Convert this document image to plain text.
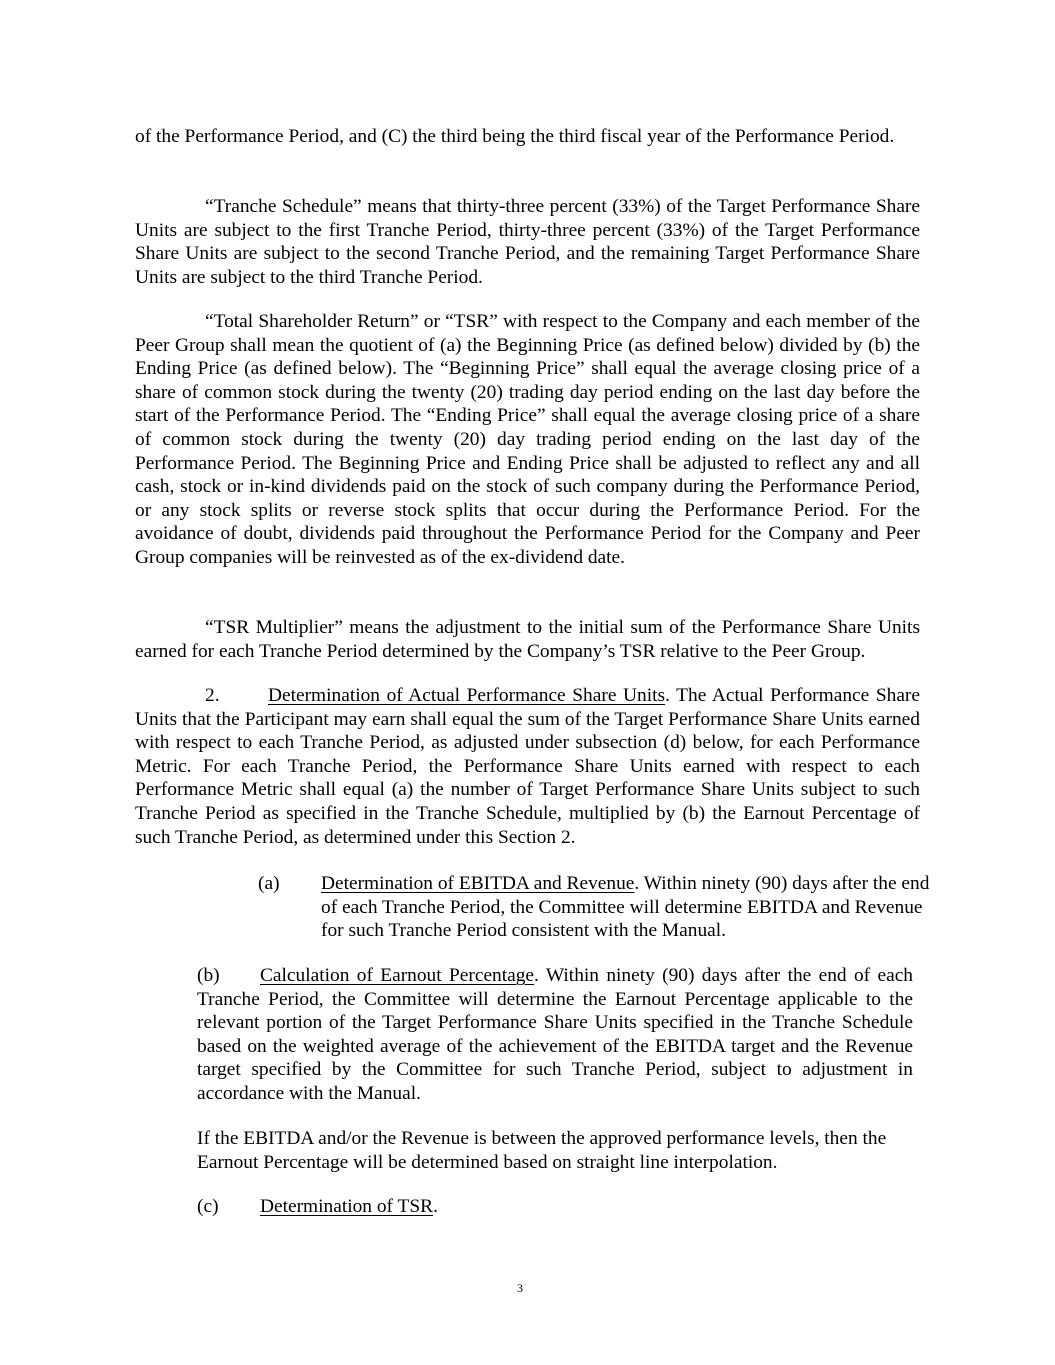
of the Performance Period, and (C) the third being the third fiscal year of the Performance Period.

“Tranche Schedule” means that thirty-three percent (33%) of the Target Performance Share Units are subject to the first Tranche Period, thirty-three percent (33%) of the Target Performance Share Units are subject to the second Tranche Period, and the remaining Target Performance Share Units are subject to the third Tranche Period.

“Total Shareholder Return” or “TSR” with respect to the Company and each member of the Peer Group shall mean the quotient of (a) the Beginning Price (as defined below) divided by (b) the Ending Price (as defined below). The “Beginning Price” shall equal the average closing price of a share of common stock during the twenty (20) trading day period ending on the last day before the start of the Performance Period. The “Ending Price” shall equal the average closing price of a share of common stock during the twenty (20) day trading period ending on the last day of the Performance Period. The Beginning Price and Ending Price shall be adjusted to reflect any and all cash, stock or in-kind dividends paid on the stock of such company during the Performance Period, or any stock splits or reverse stock splits that occur during the Performance Period. For the avoidance of doubt, dividends paid throughout the Performance Period for the Company and Peer Group companies will be reinvested as of the ex-dividend date.

“TSR Multiplier” means the adjustment to the initial sum of the Performance Share Units earned for each Tranche Period determined by the Company’s TSR relative to the Peer Group.

2. Determination of Actual Performance Share Units. The Actual Performance Share Units that the Participant may earn shall equal the sum of the Target Performance Share Units earned with respect to each Tranche Period, as adjusted under subsection (d) below, for each Performance Metric. For each Tranche Period, the Performance Share Units earned with respect to each Performance Metric shall equal (a) the number of Target Performance Share Units subject to such Tranche Period as specified in the Tranche Schedule, multiplied by (b) the Earnout Percentage of such Tranche Period, as determined under this Section 2.

(a)	Determination of EBITDA and Revenue. Within ninety (90) days after the end of each Tranche Period, the Committee will determine EBITDA and Revenue for such Tranche Period consistent with the Manual.

(b) Calculation of Earnout Percentage. Within ninety (90) days after the end of each Tranche Period, the Committee will determine the Earnout Percentage applicable to the relevant portion of the Target Performance Share Units specified in the Tranche Schedule based on the weighted average of the achievement of the EBITDA target and the Revenue target specified by the Committee for such Tranche Period, subject to adjustment in accordance with the Manual.

If the EBITDA and/or the Revenue is between the approved performance levels, then the Earnout Percentage will be determined based on straight line interpolation.

(c) Determination of TSR.

3
